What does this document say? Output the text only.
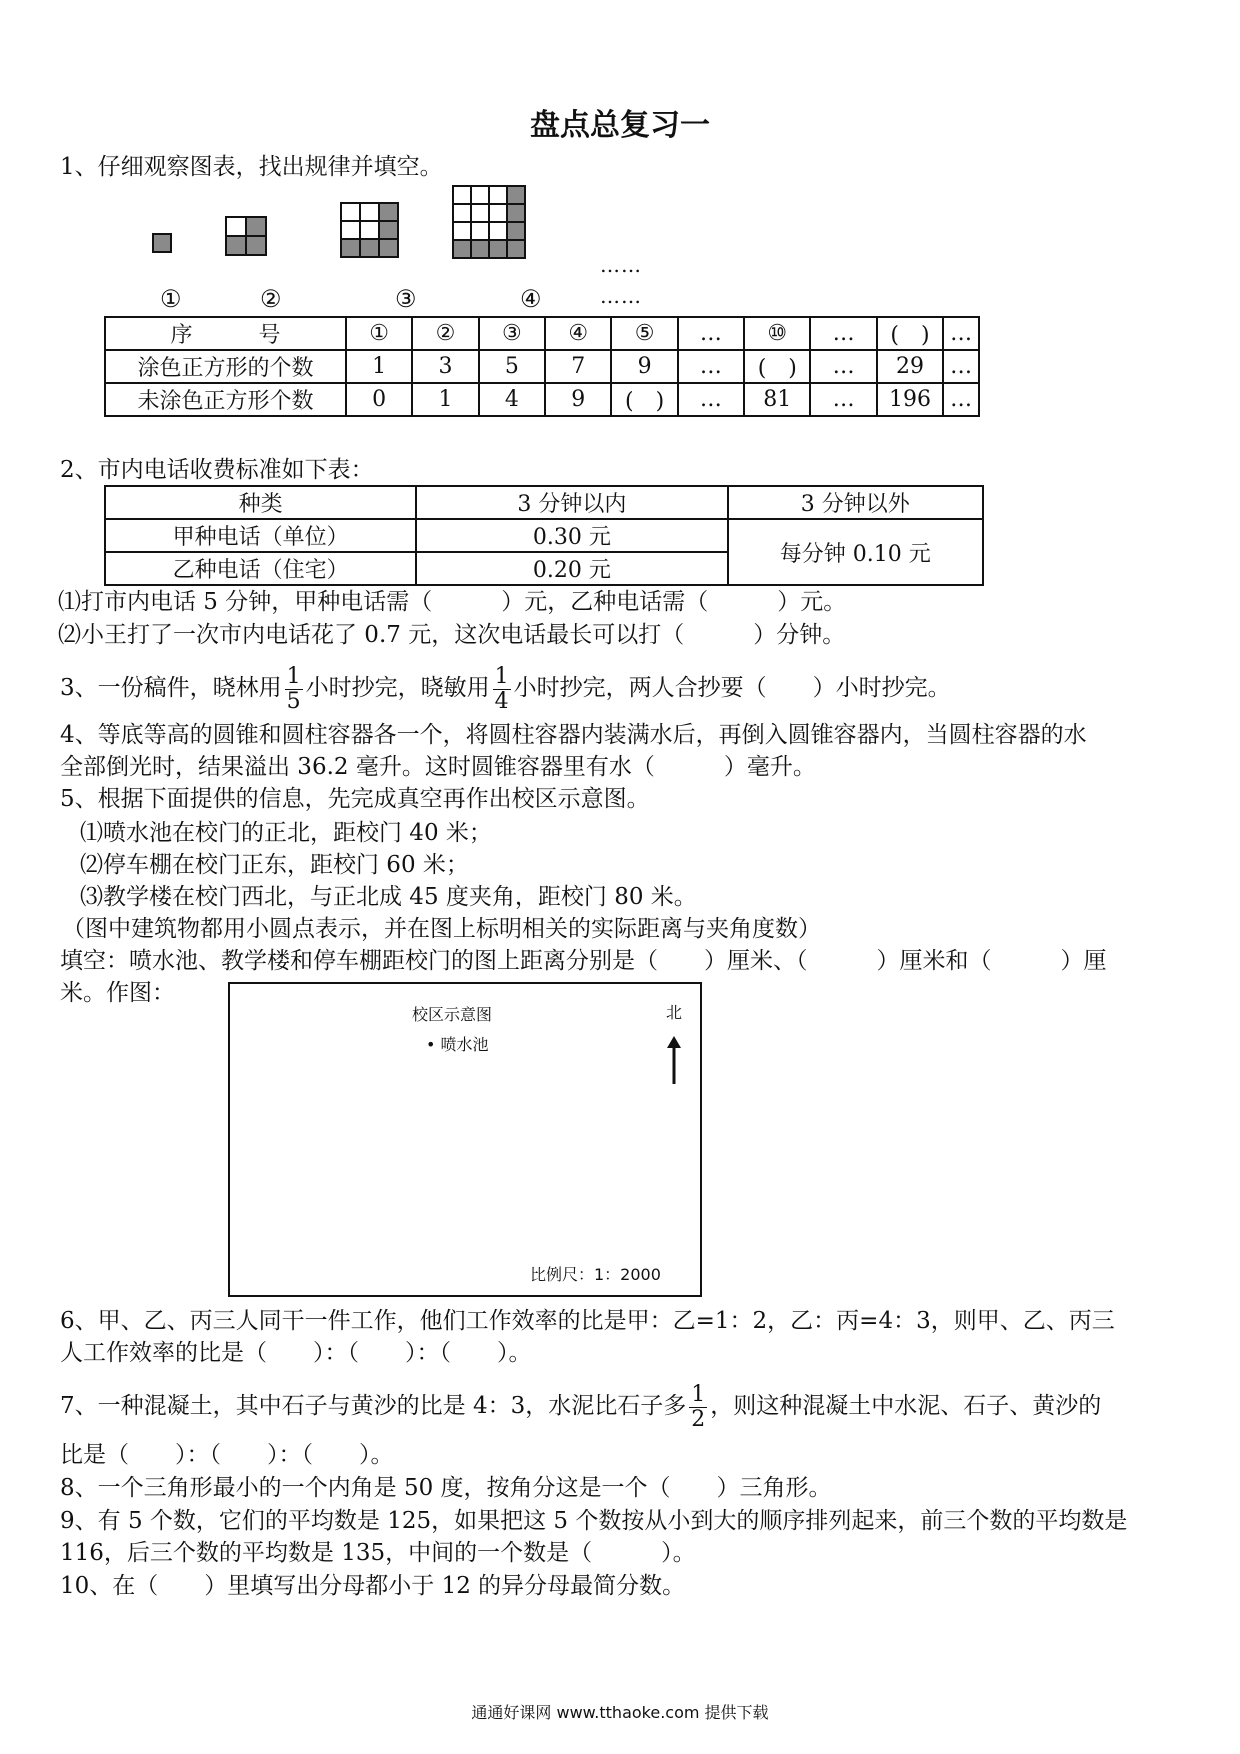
盘点总复习一
1、仔细观察图表，找出规律并填空。
①	②	③	④
……
……
序　　　号	①	②	③	④	⑤	…	⑩	…	(　)	…
涂色正方形的个数	1	3	5	7	9	…	(　)	…	29	…
未涂色正方形个数	0	1	4	9	(　)	…	81	…	196	…
2、市内电话收费标准如下表：
种类	3 分钟以内	3 分钟以外
甲种电话（单位）	0.30 元	每分钟 0.10 元
乙种电话（住宅）	0.20 元	
⑴打市内电话 5 分钟，甲种电话需（　　　）元，乙种电话需（　　　）元。
⑵小王打了一次市内电话花了 0.7 元，这次电话最长可以打（　　　）分钟。
3、一份稿件，晓林用 $\frac{1}{5}$ 小时抄完，晓敏用 $\frac{1}{4}$ 小时抄完，两人合抄要（　　）小时抄完。
4、等底等高的圆锥和圆柱容器各一个，将圆柱容器内装满水后，再倒入圆锥容器内，当圆柱容器的水
全部倒光时，结果溢出 36.2 毫升。这时圆锥容器里有水（　　　）毫升。
5、根据下面提供的信息，先完成真空再作出校区示意图。
⑴喷水池在校门的正北，距校门 40 米；
⑵停车棚在校门正东，距校门 60 米；
⑶教学楼在校门西北，与正北成 45 度夹角，距校门 80 米。
（图中建筑物都用小圆点表示，并在图上标明相关的实际距离与夹角度数）
填空：喷水池、教学楼和停车棚距校门的图上距离分别是（　　）厘米、（　　　）厘米和（　　　）厘
米。作图：
校区示意图
• 喷水池
北
比例尺：1：2000
6、甲、乙、丙三人同干一件工作，他们工作效率的比是甲：乙=1：2，乙：丙=4：3，则甲、乙、丙三
人工作效率的比是（　　）：（　　）：（　　）。
7、一种混凝土，其中石子与黄沙的比是 4：3，水泥比石子多 $\frac{1}{2}$ ，则这种混凝土中水泥、石子、黄沙的
比是（　　）：（　　）：（　　）。
8、一个三角形最小的一个内角是 50 度，按角分这是一个（　　）三角形。
9、有 5 个数，它们的平均数是 125，如果把这 5 个数按从小到大的顺序排列起来，前三个数的平均数是
116，后三个数的平均数是 135，中间的一个数是（　　　）。
10、在（　　）里填写出分母都小于 12 的异分母最简分数。
通通好课网 www.tthaoke.com 提供下载
